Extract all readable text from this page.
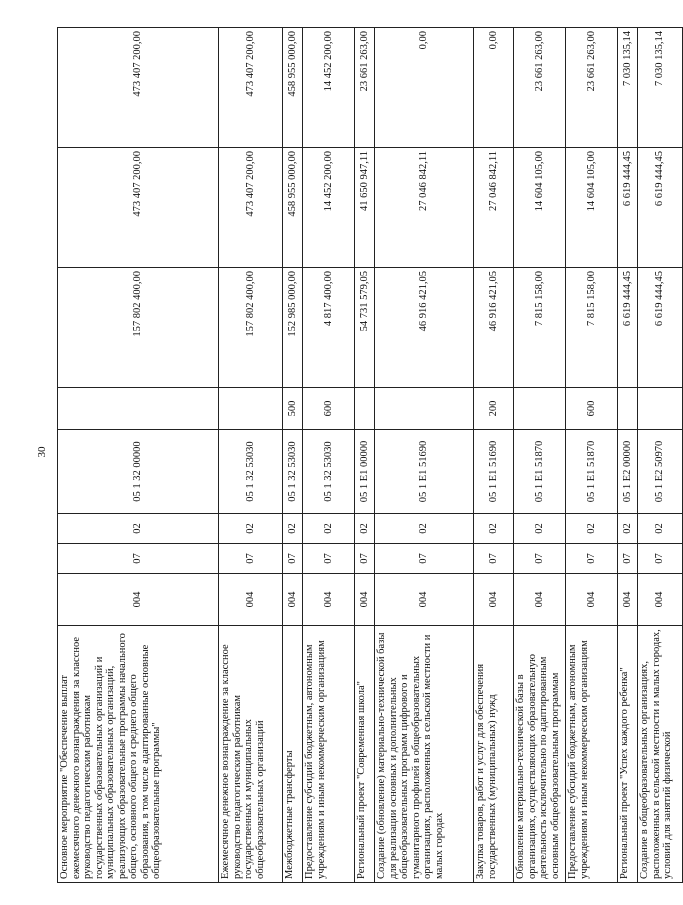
30
Основное мероприятие "Обеспечение выплат ежемесячного денежного вознаграждения за классное руководство педагогическим работникам государственных образовательных организаций и муниципальных образовательных организаций, реализующих образовательные программы начального общего, основного общего и среднего общего образования, в том числе адаптированные основные общеобразовательные программы"	004	07	02	05 1 32 00000		157 802 400,00	473 407 200,00	473 407 200,00
Ежемесячное денежное вознаграждение за классное руководство педагогическим работникам государственных и муниципальных общеобразовательных организаций	004	07	02	05 1 32 53030		157 802 400,00	473 407 200,00	473 407 200,00
Межбюджетные трансферты	004	07	02	05 1 32 53030	500	152 985 000,00	458 955 000,00	458 955 000,00
Предоставление субсидий бюджетным, автономным учреждениям и иным некоммерческим организациям	004	07	02	05 1 32 53030	600	4 817 400,00	14 452 200,00	14 452 200,00
Региональный проект "Современная школа"	004	07	02	05 1 E1 00000		54 731 579,05	41 650 947,11	23 661 263,00
Создание (обновление) материально-технической базы для реализации основных и дополнительных общеобразовательных программ цифрового и гуманитарного профилей в общеобразовательных организациях, расположенных в сельской местности и малых городах	004	07	02	05 1 E1 51690		46 916 421,05	27 046 842,11	0,00
Закупка товаров, работ и услуг для обеспечения государственных (муниципальных) нужд	004	07	02	05 1 E1 51690	200	46 916 421,05	27 046 842,11	0,00
Обновление материально-технической базы в организациях, осуществляющих образовательную деятельность исключительно по адаптированным основным общеобразовательным программам	004	07	02	05 1 E1 51870		7 815 158,00	14 604 105,00	23 661 263,00
Предоставление субсидий бюджетным, автономным учреждениям и иным некоммерческим организациям	004	07	02	05 1 E1 51870	600	7 815 158,00	14 604 105,00	23 661 263,00
Региональный проект "Успех каждого ребенка"	004	07	02	05 1 E2 00000		6 619 444,45	6 619 444,45	7 030 135,14
Создание в общеобразовательных организациях, расположенных в сельской местности и малых городах, условий для занятий физической	004	07	02	05 1 E2 50970		6 619 444,45	6 619 444,45	7 030 135,14
